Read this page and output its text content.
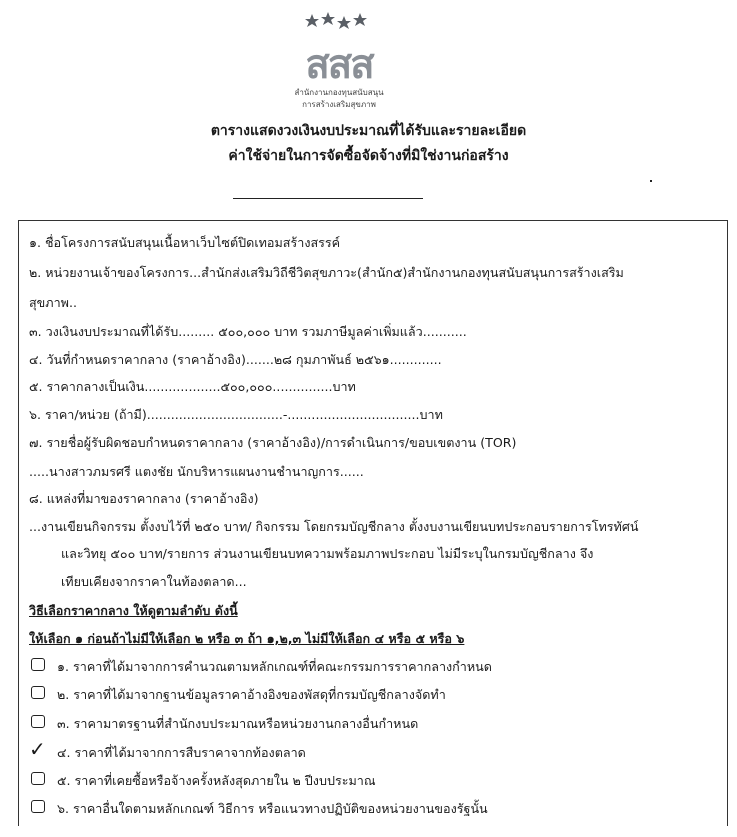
สสส
สำนักงานกองทุนสนับสนุน
การสร้างเสริมสุขภาพ
ตารางแสดงวงเงินงบประมาณที่ได้รับและรายละเอียด
ค่าใช้จ่ายในการจัดซื้อจัดจ้างที่มิใช่งานก่อสร้าง
๑. ชื่อโครงการสนับสนุนเนื้อหาเว็บไซต์ปิดเทอมสร้างสรรค์
๒. หน่วยงานเจ้าของโครงการ...สำนักส่งเสริมวิถีชีวิตสุขภาวะ(สำนัก๕)สำนักงานกองทุนสนับสนุนการสร้างเสริม
สุขภาพ..
๓. วงเงินงบประมาณที่ได้รับ......... ๕๐๐,๐๐๐ บาท รวมภาษีมูลค่าเพิ่มแล้ว...........
๔. วันที่กำหนดราคากลาง (ราคาอ้างอิง).......๒๘ กุมภาพันธ์ ๒๕๖๑.............
๕. ราคากลางเป็นเงิน...................๕๐๐,๐๐๐...............บาท
๖. ราคา/หน่วย (ถ้ามี)..................................-.................................บาท
๗. รายชื่อผู้รับผิดชอบกำหนดราคากลาง (ราคาอ้างอิง)/การดำเนินการ/ขอบเขตงาน (TOR)
.....นางสาวภมรศรี แตงชัย นักบริหารแผนงานชำนาญการ......
๘. แหล่งที่มาของราคากลาง (ราคาอ้างอิง)
...งานเขียนกิจกรรม ตั้งงบไว้ที่ ๒๕๐ บาท/ กิจกรรม โดยกรมบัญชีกลาง ตั้งงบงานเขียนบทประกอบรายการโทรทัศน์
และวิทยุ ๕๐๐ บาท/รายการ ส่วนงานเขียนบทความพร้อมภาพประกอบ ไม่มีระบุในกรมบัญชีกลาง จึง
เทียบเคียงจากราคาในท้องตลาด...
วิธีเลือกราคากลาง ให้ดูตามลำดับ ดังนี้
ให้เลือก ๑ ก่อนถ้าไม่มีให้เลือก ๒ หรือ ๓ ถ้า ๑,๒,๓ ไม่มีให้เลือก ๔ หรือ ๕ หรือ ๖
๑. ราคาที่ได้มาจากการคำนวณตามหลักเกณฑ์ที่คณะกรรมการราคากลางกำหนด
๒. ราคาที่ได้มาจากฐานข้อมูลราคาอ้างอิงของพัสดุที่กรมบัญชีกลางจัดทำ
๓. ราคามาตรฐานที่สำนักงบประมาณหรือหน่วยงานกลางอื่นกำหนด
✓ ๔. ราคาที่ได้มาจากการสืบราคาจากท้องตลาด
๕. ราคาที่เคยซื้อหรือจ้างครั้งหลังสุดภายใน ๒ ปีงบประมาณ
๖. ราคาอื่นใดตามหลักเกณฑ์ วิธีการ หรือแนวทางปฏิบัติของหน่วยงานของรัฐนั้น
